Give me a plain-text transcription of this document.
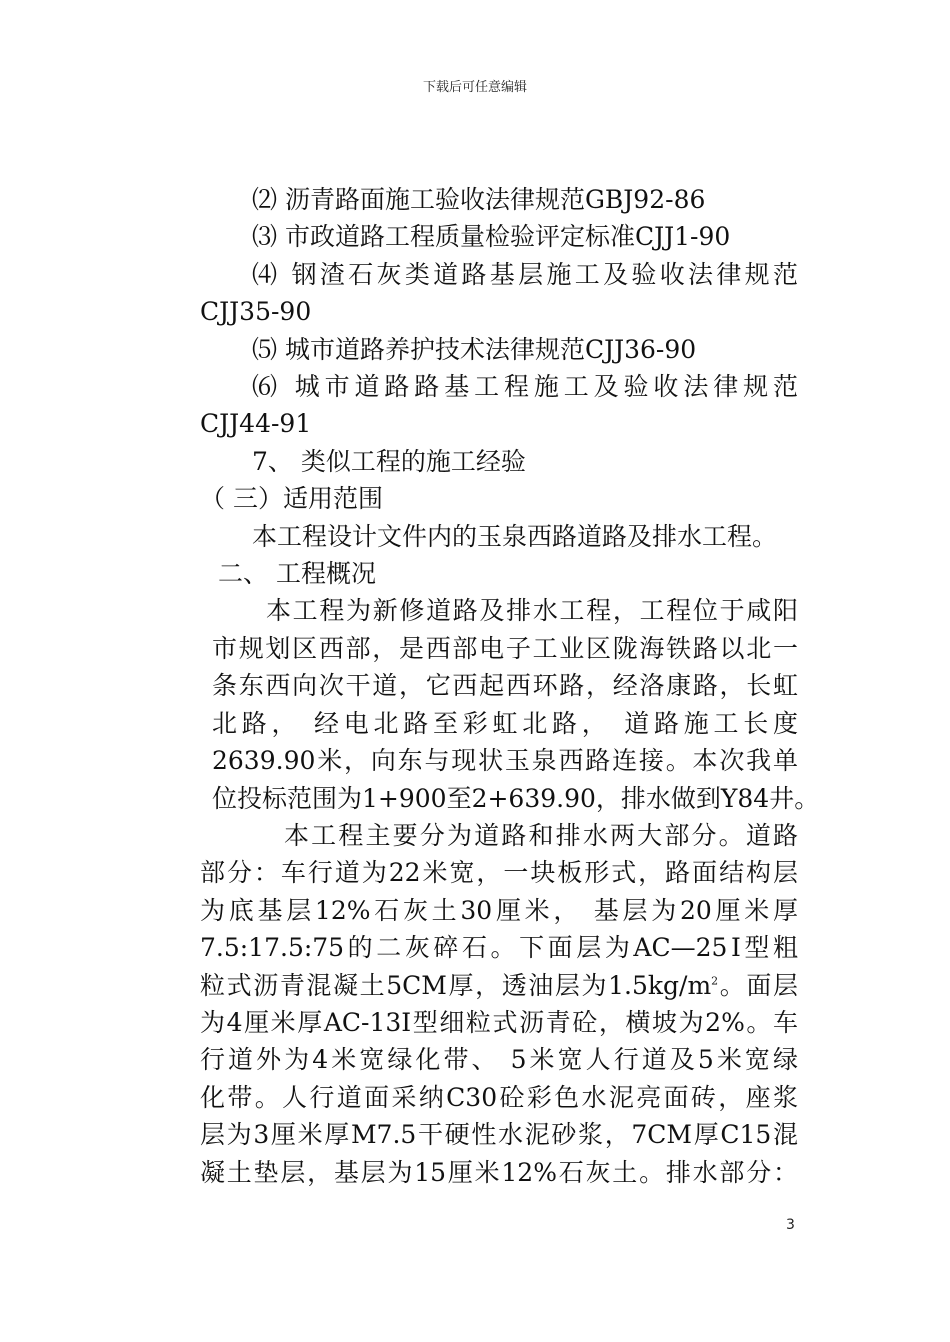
下载后可任意编辑

⑵ 沥青路面施工验收法律规范GBJ92-86

⑶ 市政道路工程质量检验评定标准CJJ1-90

⑷ 钢渣石灰类道路基层施工及验收法律规范

CJJ35-90

⑸ 城市道路养护技术法律规范CJJ36-90

⑹ 城市道路路基工程施工及验收法律规范

CJJ44-91

7、 类似工程的施工经验

（ 三）适用范围

本工程设计文件内的玉泉西路道路及排水工程。

二、 工程概况

本工程为新修道路及排水工程，工程位于咸阳

市规划区西部，是西部电子工业区陇海铁路以北一

条东西向次干道，它西起西环路，经洛康路，长虹

北路， 经电北路至彩虹北路， 道路施工长度

2639.90米，向东与现状玉泉西路连接。本次我单

位投标范围为1+900至2+639.90，排水做到Y84井。

本工程主要分为道路和排水两大部分。道路

部分：车行道为22米宽，一块板形式，路面结构层

为底基层12%石灰土30厘米， 基层为20厘米厚

7.5:17.5:75的二灰碎石。下面层为AC—25Ⅰ型粗

粒式沥青混凝土5CM厚，透油层为$1.5kg/m^2$。面层

为4厘米厚AC-13I型细粒式沥青砼，横坡为2%。车

行道外为4米宽绿化带、 5米宽人行道及5米宽绿

化带。人行道面采纳C30砼彩色水泥亮面砖，座浆

层为3厘米厚M7.5干硬性水泥砂浆，7CM厚C15混

凝土垫层，基层为15厘米12%石灰土。排水部分：

3
